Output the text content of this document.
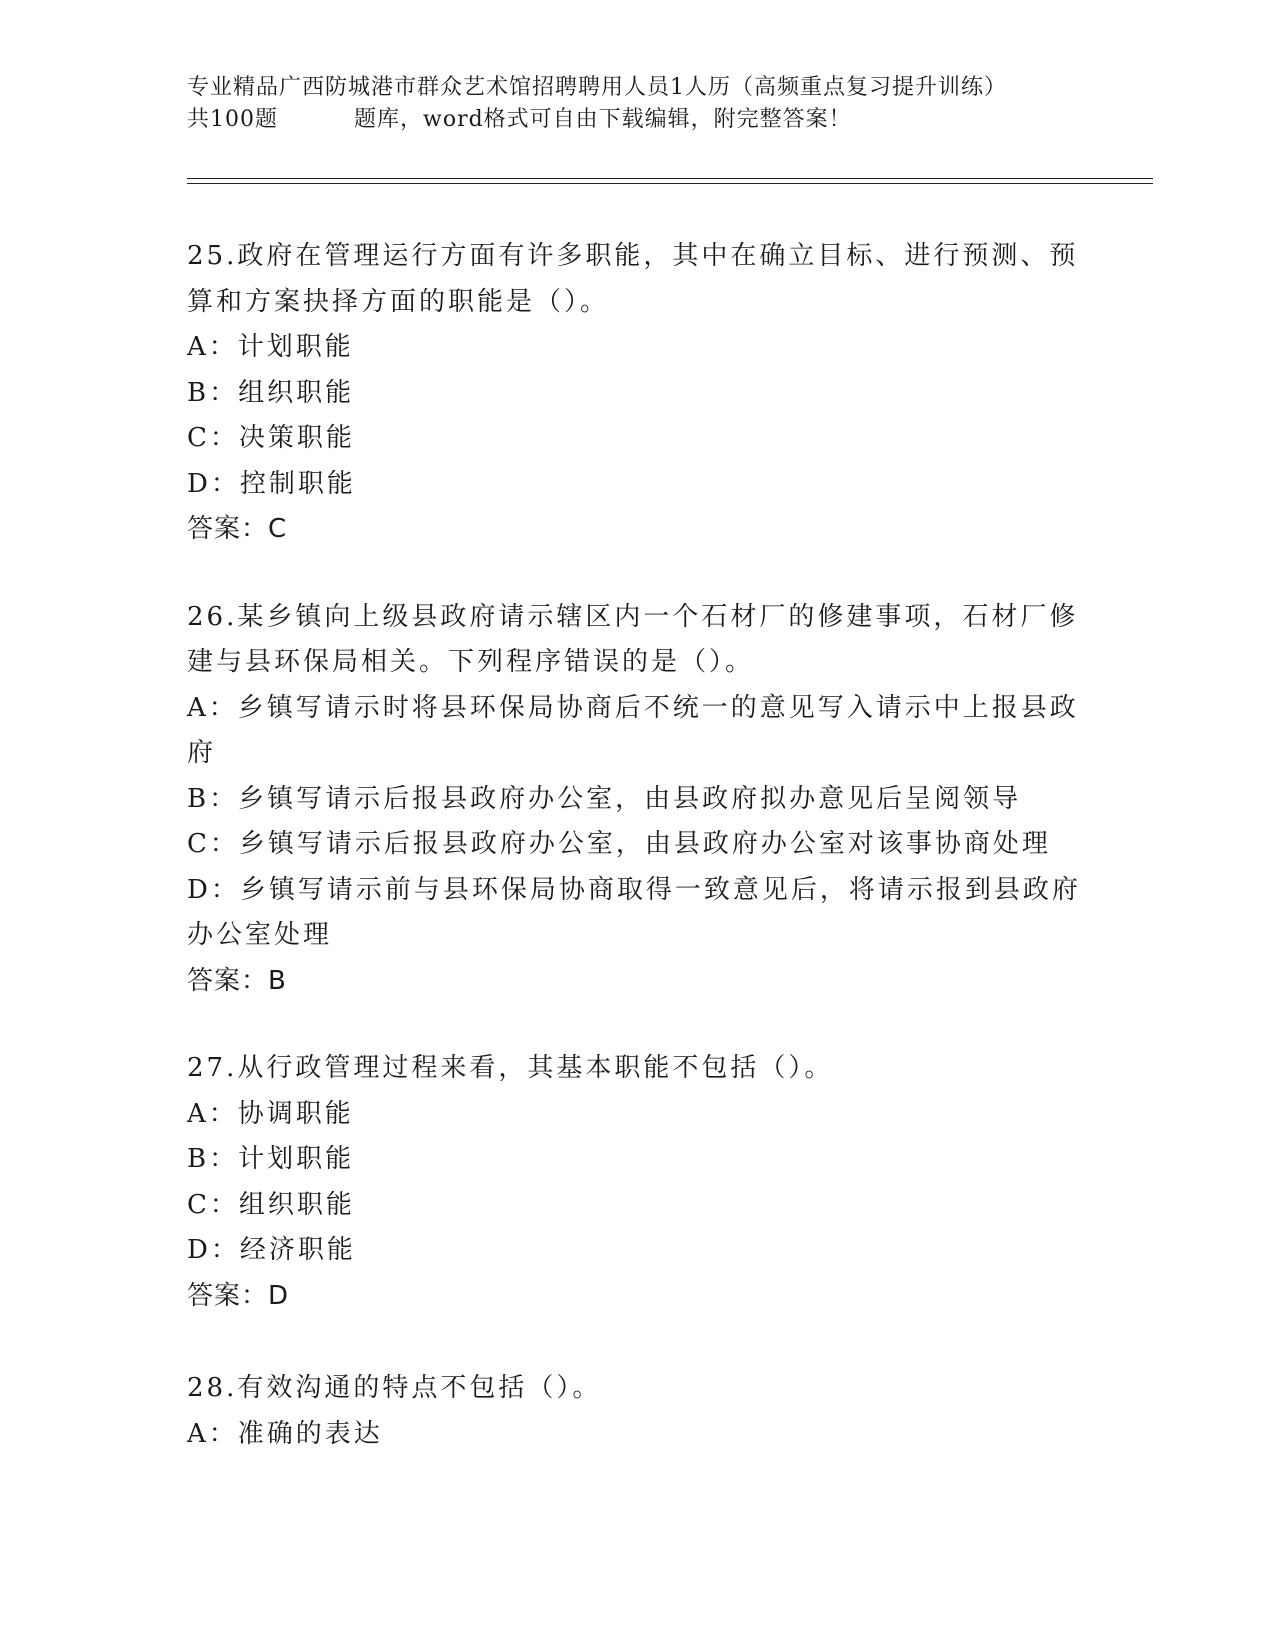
专业精品广西防城港市群众艺术馆招聘聘用人员1人历（高频重点复习提升训练）
共100题	题库，word格式可自由下载编辑，附完整答案！

25.政府在管理运行方面有许多职能，其中在确立目标、进行预测、预算和方案抉择方面的职能是（）。

A：计划职能

B：组织职能

C：决策职能

D：控制职能

答案：C

26.某乡镇向上级县政府请示辖区内一个石材厂的修建事项，石材厂修建与县环保局相关。下列程序错误的是（）。

A：乡镇写请示时将县环保局协商后不统一的意见写入请示中上报县政府

B：乡镇写请示后报县政府办公室，由县政府拟办意见后呈阅领导

C：乡镇写请示后报县政府办公室，由县政府办公室对该事协商处理

D：乡镇写请示前与县环保局协商取得一致意见后，将请示报到县政府办公室处理

答案：B

27.从行政管理过程来看，其基本职能不包括（）。

A：协调职能

B：计划职能

C：组织职能

D：经济职能

答案：D

28.有效沟通的特点不包括（）。

A：准确的表达
